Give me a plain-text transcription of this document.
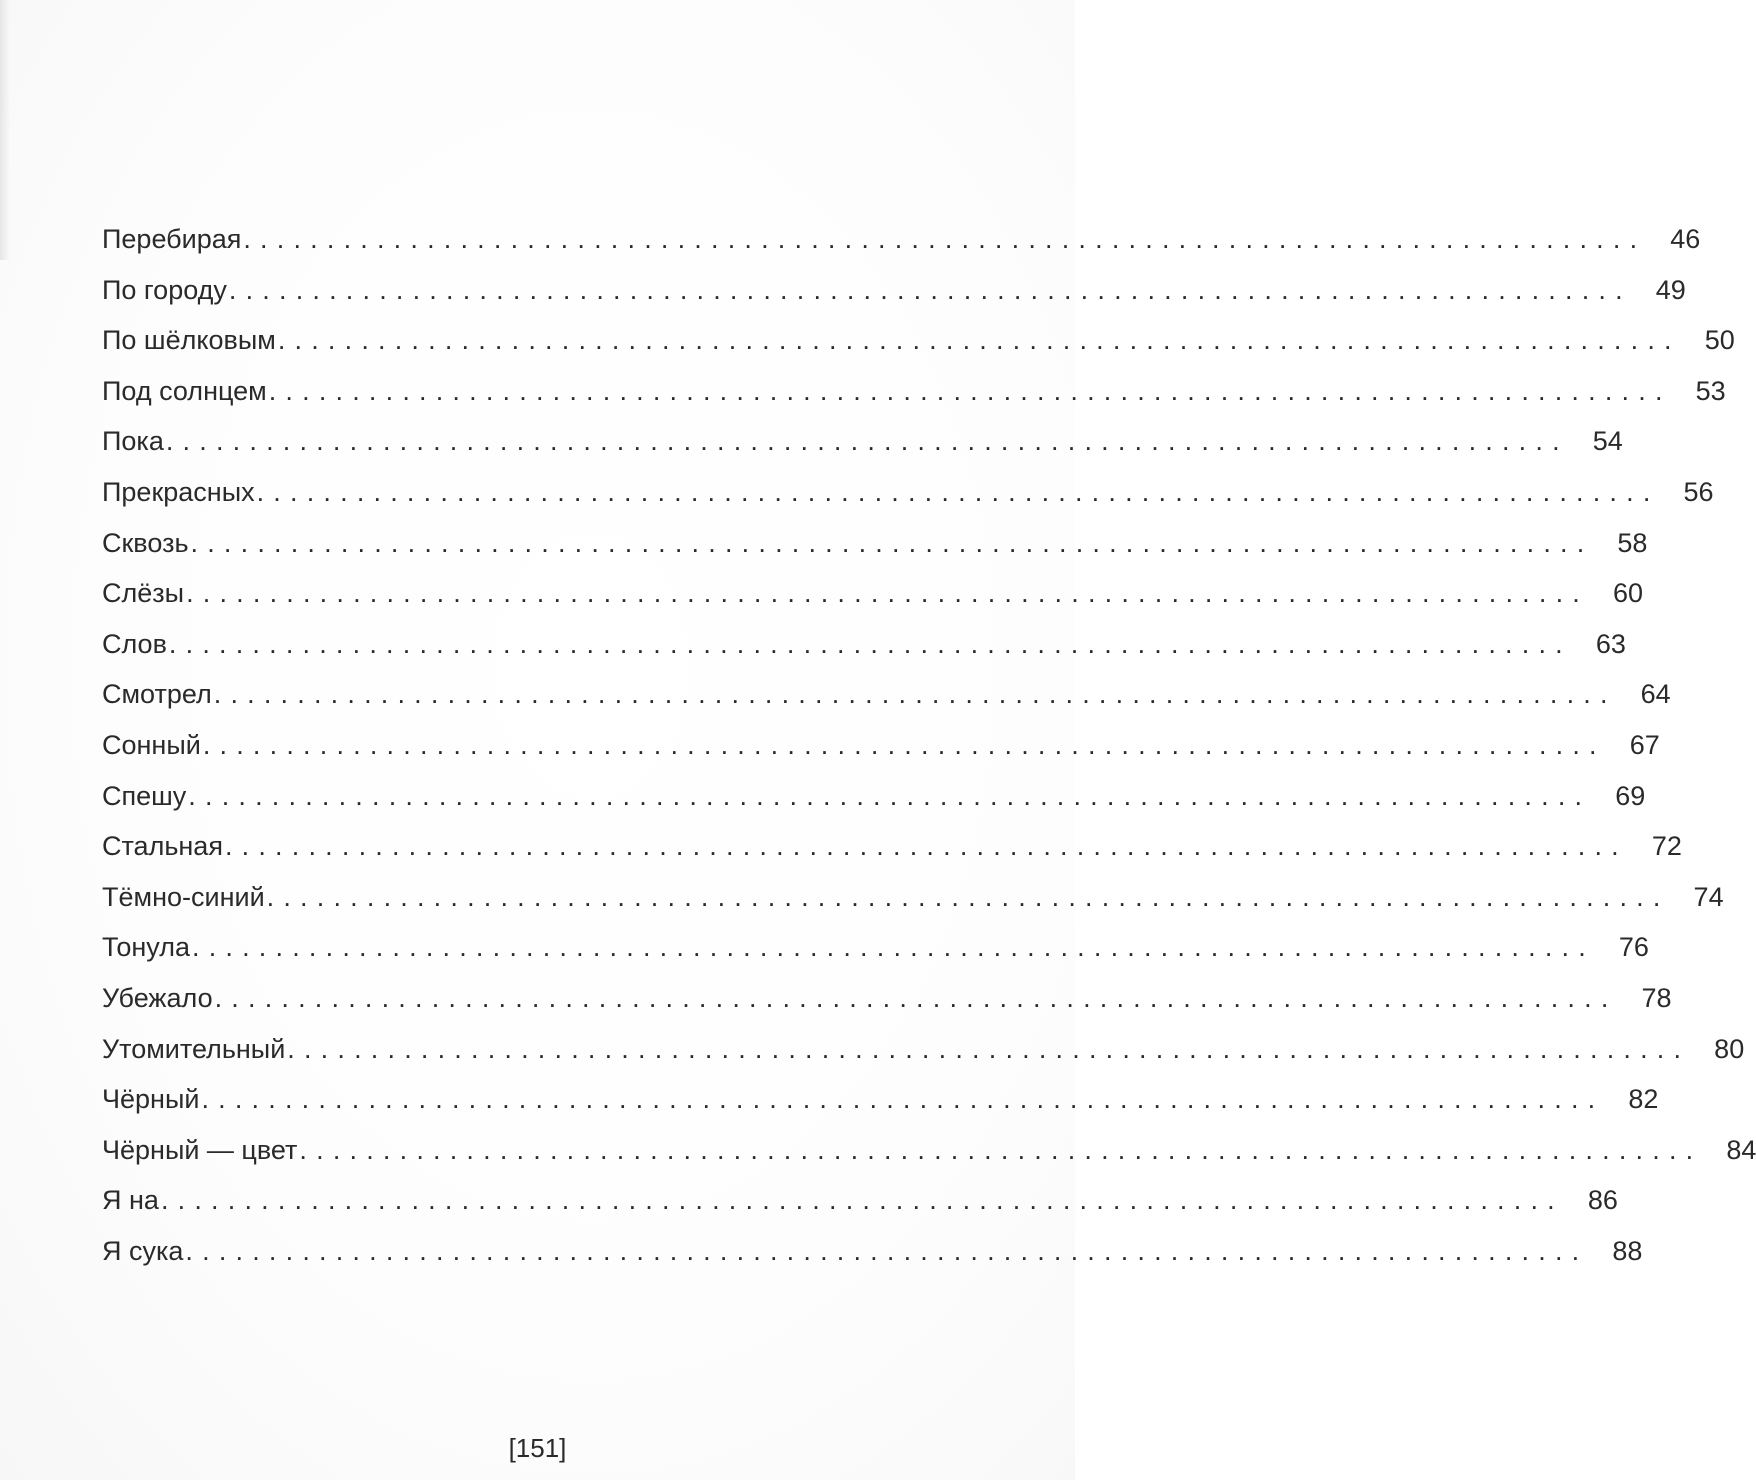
Перебирая .................................................................................... 46
По городу .................................................................................... 49
По шёлковым .................................................................................... 50
Под солнцем .................................................................................... 53
Пока .................................................................................... 54
Прекрасных .................................................................................... 56
Сквозь .................................................................................... 58
Слёзы .................................................................................... 60
Слов .................................................................................... 63
Смотрел .................................................................................... 64
Сонный .................................................................................... 67
Спешу .................................................................................... 69
Стальная .................................................................................... 72
Тёмно-синий .................................................................................... 74
Тонула .................................................................................... 76
Убежало .................................................................................... 78
Утомительный .................................................................................... 80
Чёрный .................................................................................... 82
Чёрный — цвет .................................................................................... 84
Я на .................................................................................... 86
Я сука .................................................................................... 88
[151]
